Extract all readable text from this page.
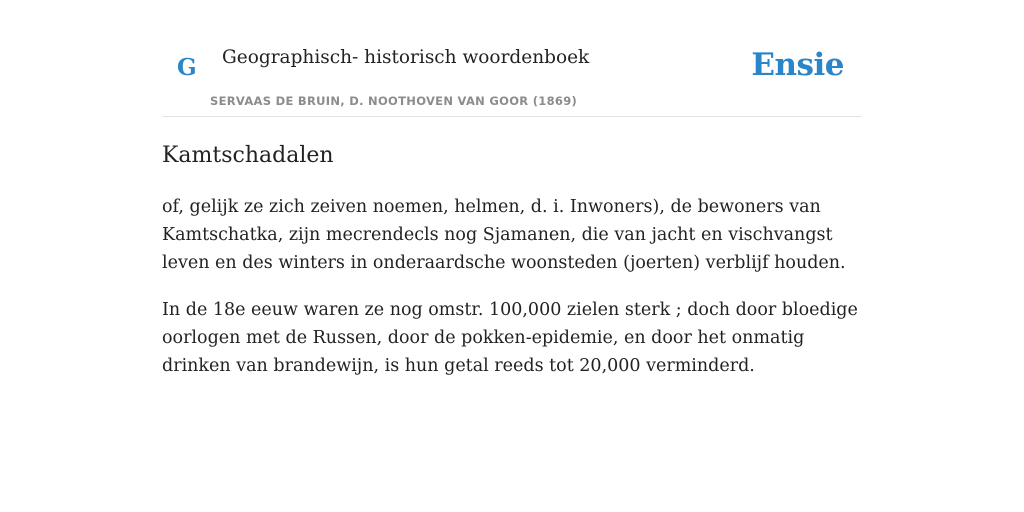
G Geographisch- historisch woordenboek
SERVAAS DE BRUIN, D. NOOTHOVEN VAN GOOR (1869)
Ensie
Kamtschadalen

of, gelijk ze zich zeiven noemen, helmen, d. i. Inwoners), de bewoners van Kamtschatka, zijn mecrendecls nog Sjamanen, die van jacht en vischvangst leven en des winters in onderaardsche woonsteden (joerten) verblijf houden.

In de 18e eeuw waren ze nog omstr. 100,000 zielen sterk ; doch door bloedige oorlogen met de Russen, door de pokken-epidemie, en door het onmatig drinken van brandewijn, is hun getal reeds tot 20,000 verminderd.
